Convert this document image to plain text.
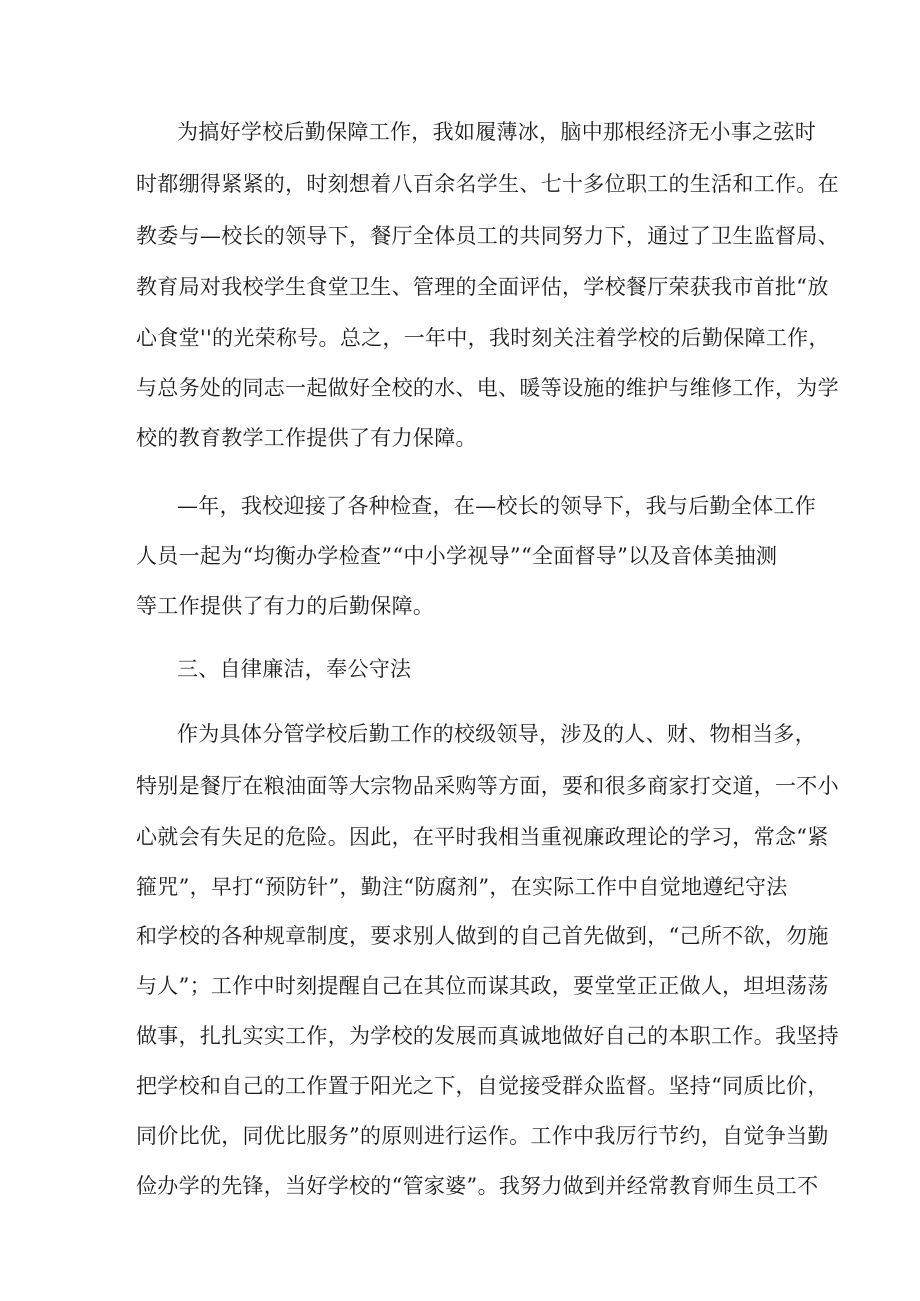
为搞好学校后勤保障工作，我如履薄冰，脑中那根经济无小事之弦时
时都绷得紧紧的，时刻想着八百余名学生、七十多位职工的生活和工作。在
教委与—校长的领导下，餐厅全体员工的共同努力下，通过了卫生监督局、
教育局对我校学生食堂卫生、管理的全面评估，学校餐厅荣获我市首批“放
心食堂''的光荣称号。总之，一年中，我时刻关注着学校的后勤保障工作，
与总务处的同志一起做好全校的水、电、暖等设施的维护与维修工作，为学
校的教育教学工作提供了有力保障。
—年，我校迎接了各种检查，在—校长的领导下，我与后勤全体工作
人员一起为“均衡办学检查”“中小学视导”“全面督导”以及音体美抽测
等工作提供了有力的后勤保障。
三、自律廉洁，奉公守法
作为具体分管学校后勤工作的校级领导，涉及的人、财、物相当多，
特别是餐厅在粮油面等大宗物品采购等方面，要和很多商家打交道，一不小
心就会有失足的危险。因此，在平时我相当重视廉政理论的学习，常念“紧
箍咒”，早打“预防针”，勤注“防腐剂”，在实际工作中自觉地遵纪守法
和学校的各种规章制度，要求别人做到的自己首先做到，“己所不欲，勿施
与人”；工作中时刻提醒自己在其位而谋其政，要堂堂正正做人，坦坦荡荡
做事，扎扎实实工作，为学校的发展而真诚地做好自己的本职工作。我坚持
把学校和自己的工作置于阳光之下，自觉接受群众监督。坚持“同质比价，
同价比优，同优比服务”的原则进行运作。工作中我厉行节约，自觉争当勤
俭办学的先锋，当好学校的“管家婆”。我努力做到并经常教育师生员工不
